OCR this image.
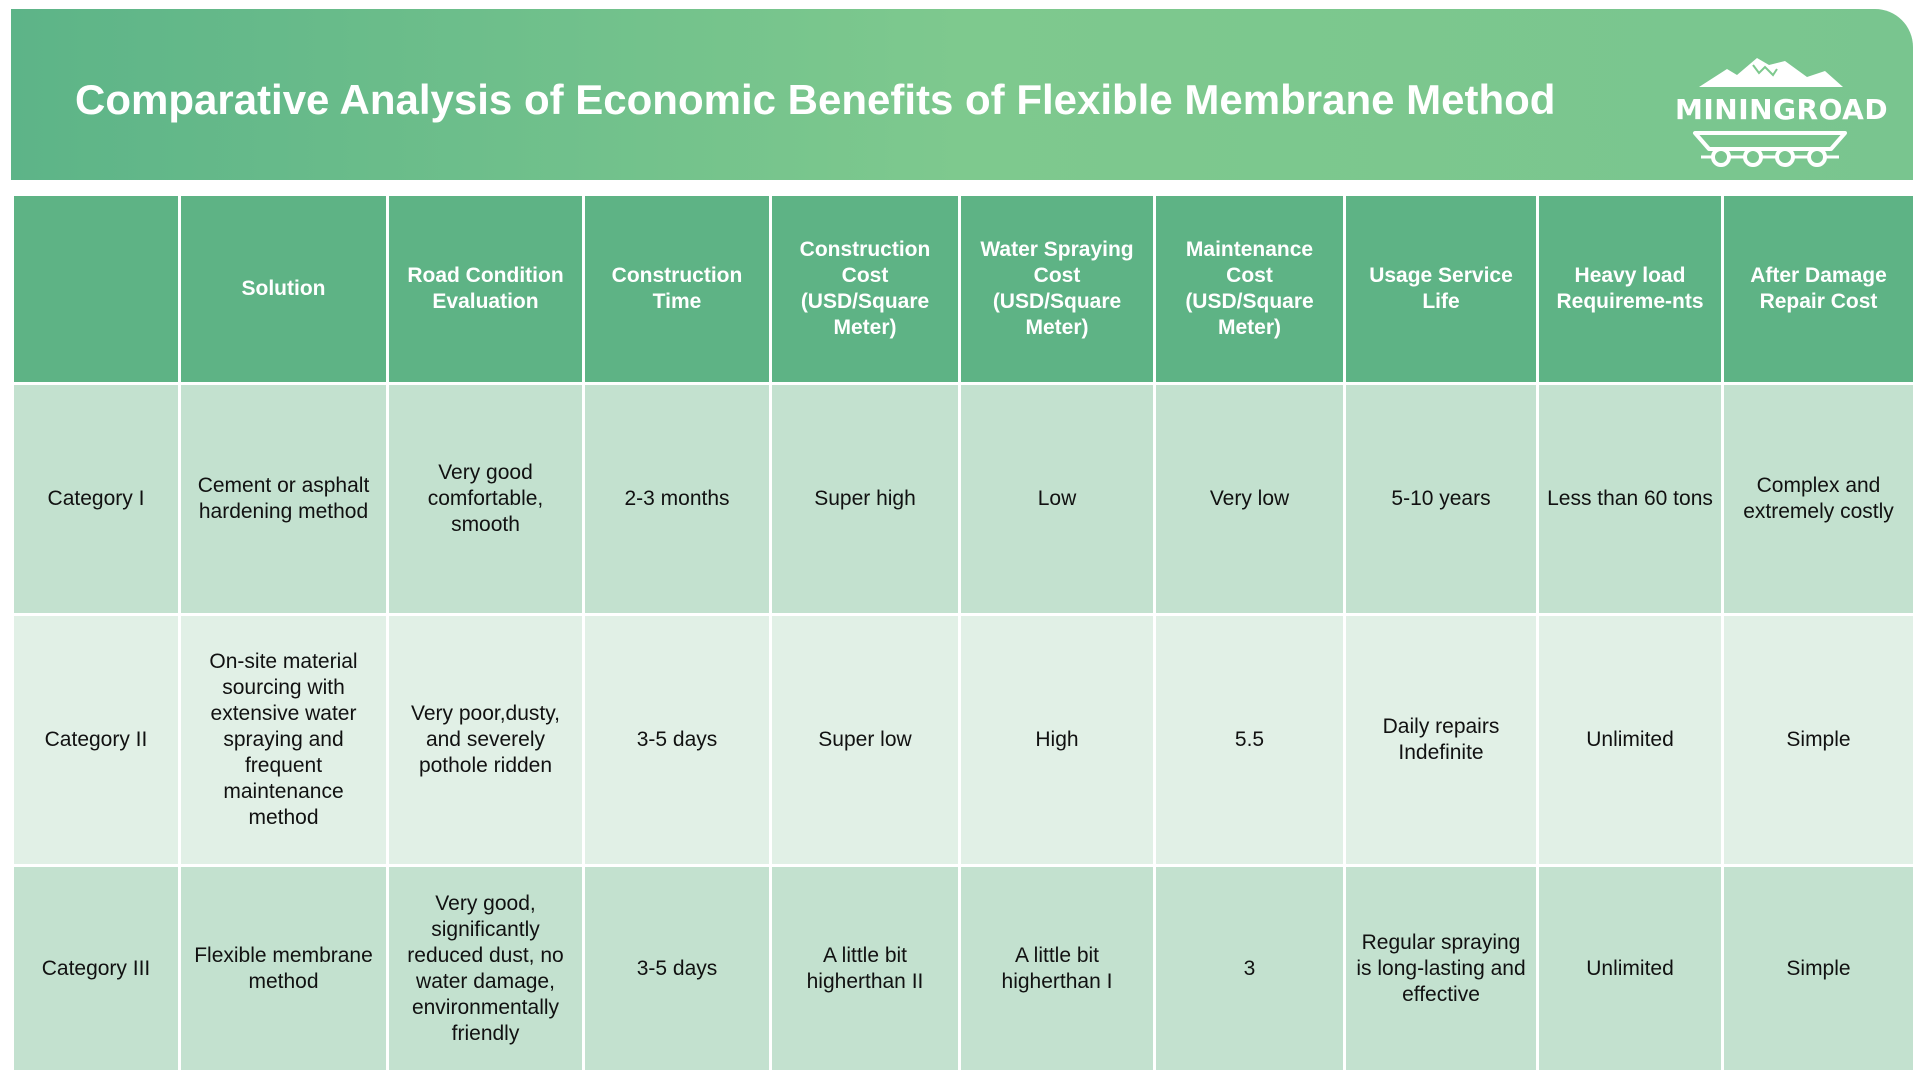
Comparative Analysis of Economic Benefits of Flexible Membrane Method	MININGROAD
	Solution	Road Condition Evaluation	Construction Time	Construction Cost (USD/Square Meter)	Water Spraying Cost (USD/Square Meter)	Maintenance Cost (USD/Square Meter)	Usage Service Life	Heavy load Requireme-nts	After Damage Repair Cost
Category I	Cement or asphalt hardening method	Very good comfortable, smooth	2-3 months	Super high	Low	Very low	5-10 years	Less than 60 tons	Complex and extremely costly
Category II	On-site material sourcing with extensive water spraying and frequent maintenance method	Very poor,dusty, and severely pothole ridden	3-5 days	Super low	High	5.5	Daily repairs Indefinite	Unlimited	Simple
Category III	Flexible membrane method	Very good, significantly reduced dust, no water damage, environmentally friendly	3-5 days	A little bit higherthan II	A little bit higherthan I	3	Regular spraying is long-lasting and effective	Unlimited	Simple
